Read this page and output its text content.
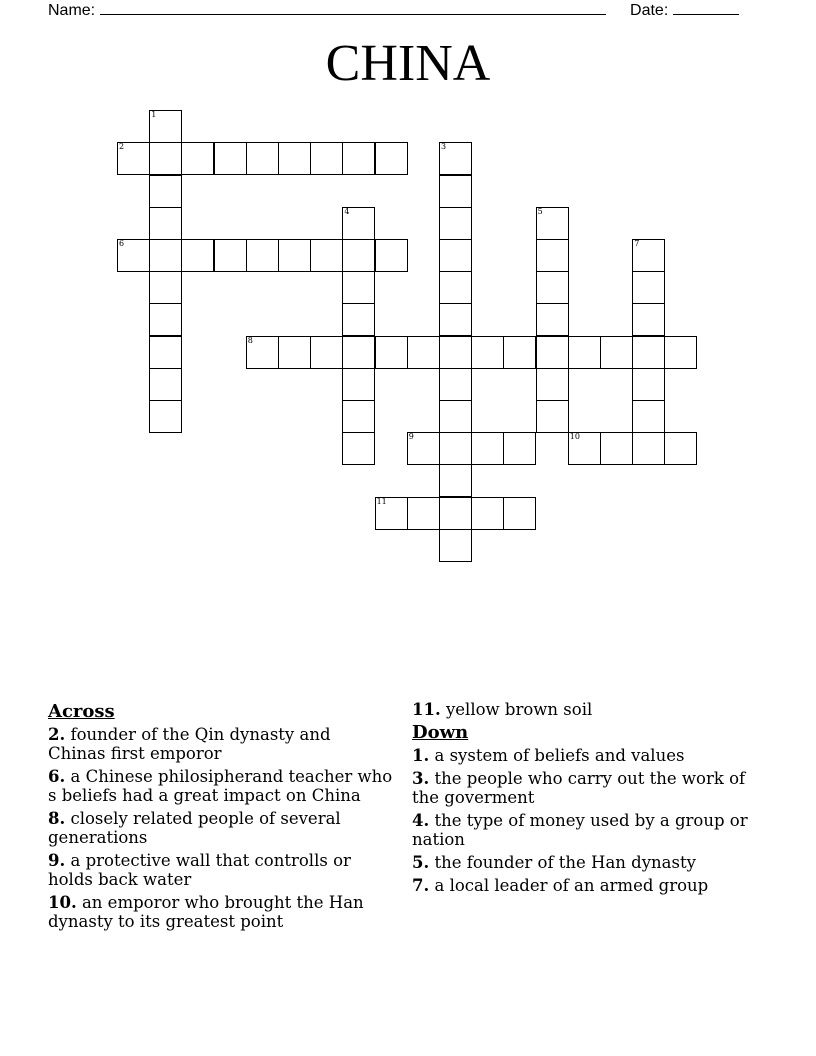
Name:	Date:
CHINA
1
2	3
4	5
6	7
8
9	10
11
Across
2. founder of the Qin dynasty and Chinas first emporor
6. a Chinese philosipherand teacher who s beliefs had a great impact on China
8. closely related people of several generations
9. a protective wall that controlls or holds back water
10. an emporor who brought the Han dynasty to its greatest point
11. yellow brown soil
Down
1. a system of beliefs and values
3. the people who carry out the work of the goverment
4. the type of money used by a group or nation
5. the founder of the Han dynasty
7. a local leader of an armed group
